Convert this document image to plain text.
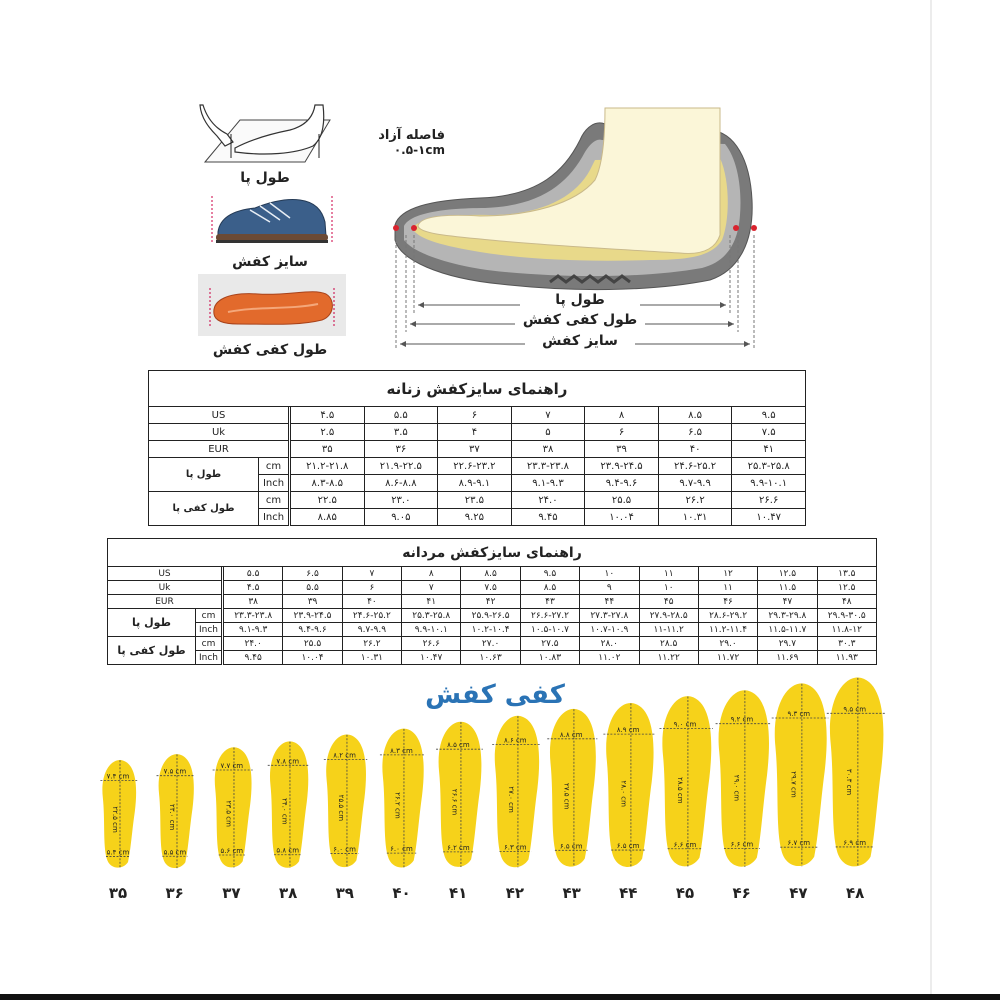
طول پا
سایز کفش
طول کفی کفش
فاصله آزاد
۰.۵-۱cm
طول پا
طول کفی کفش
سایز کفش
راهنمای سایزکفش زنانه									
US			۴.۵	۵.۵	۶	۷	۸	۸.۵	۹.۵
Uk			۲.۵	۳.۵	۴	۵	۶	۶.۵	۷.۵
EUR			۳۵	۳۶	۳۷	۳۸	۳۹	۴۰	۴۱
طول پا	cm		۲۱.۲-۲۱.۸	۲۱.۹-۲۲.۵	۲۲.۶-۲۳.۲	۲۳.۳-۲۳.۸	۲۳.۹-۲۴.۵	۲۴.۶-۲۵.۲	۲۵.۳-۲۵.۸
	Inch		۸.۳-۸.۵	۸.۶-۸.۸	۸.۹-۹.۱	۹.۱-۹.۳	۹.۴-۹.۶	۹.۷-۹.۹	۹.۹-۱۰.۱
طول کفی پا	cm		۲۲.۵	۲۳.۰	۲۳.۵	۲۴.۰	۲۵.۵	۲۶.۲	۲۶.۶
	Inch		۸.۸۵	۹.۰۵	۹.۲۵	۹.۴۵	۱۰.۰۴	۱۰.۳۱	۱۰.۴۷
راهنمای سایزکفش مردانه													
US			۵.۵	۶.۵	۷	۸	۸.۵	۹.۵	۱۰	۱۱	۱۲	۱۲.۵	۱۳.۵
Uk			۴.۵	۵.۵	۶	۷	۷.۵	۸.۵	۹	۱۰	۱۱	۱۱.۵	۱۲.۵
EUR			۳۸	۳۹	۴۰	۴۱	۴۲	۴۳	۴۴	۴۵	۴۶	۴۷	۴۸
طول پا	cm		۲۳.۳-۲۳.۸	۲۳.۹-۲۴.۵	۲۴.۶-۲۵.۲	۲۵.۳-۲۵.۸	۲۵.۹-۲۶.۵	۲۶.۶-۲۷.۲	۲۷.۳-۲۷.۸	۲۷.۹-۲۸.۵	۲۸.۶-۲۹.۲	۲۹.۳-۲۹.۸	۲۹.۹-۳۰.۵
	Inch		۹.۱-۹.۳	۹.۴-۹.۶	۹.۷-۹.۹	۹.۹-۱۰.۱	۱۰.۲-۱۰.۴	۱۰.۵-۱۰.۷	۱۰.۷-۱۰.۹	۱۱-۱۱.۲	۱۱.۲-۱۱.۴	۱۱.۵-۱۱.۷	۱۱.۸-۱۲
طول کفی پا	cm		۲۴.۰	۲۵.۵	۲۶.۲	۲۶.۶	۲۷.۰	۲۷.۵	۲۸.۰	۲۸.۵	۲۹.۰	۲۹.۷	۳۰.۳
	Inch		۹.۴۵	۱۰.۰۴	۱۰.۳۱	۱۰.۴۷	۱۰.۶۳	۱۰.۸۳	۱۱.۰۲	۱۱.۲۲	۱۱.۷۲	۱۱.۶۹	۱۱.۹۳
کفی کفش
۷.۴ cm
۵.۴ cm
۲۲.۵ cm
۳۵
۷.۵ cm
۵.۵ cm
۲۳.۰ cm
۳۶
۷.۷ cm
۵.۶ cm
۲۳.۵ cm
۳۷
۷.۸ cm
۵.۸ cm
۲۴.۰ cm
۳۸
۸.۲ cm
۶.۰ cm
۲۵.۵ cm
۳۹
۸.۳ cm
۶.۰ cm
۲۶.۲ cm
۴۰
۸.۵ cm
۶.۲ cm
۲۶.۶ cm
۴۱
۸.۶ cm
۶.۳ cm
۲۷.۰ cm
۴۲
۸.۸ cm
۶.۵ cm
۲۷.۵ cm
۴۳
۸.۹ cm
۶.۵ cm
۲۸.۰ cm
۴۴
۹.۰ cm
۶.۶ cm
۲۸.۵ cm
۴۵
۹.۲ cm
۶.۶ cm
۲۹.۰ cm
۴۶
۹.۳ cm
۶.۷ cm
۲۹.۷ cm
۴۷
۹.۵ cm
۶.۹ cm
۳۰.۳ cm
۴۸
